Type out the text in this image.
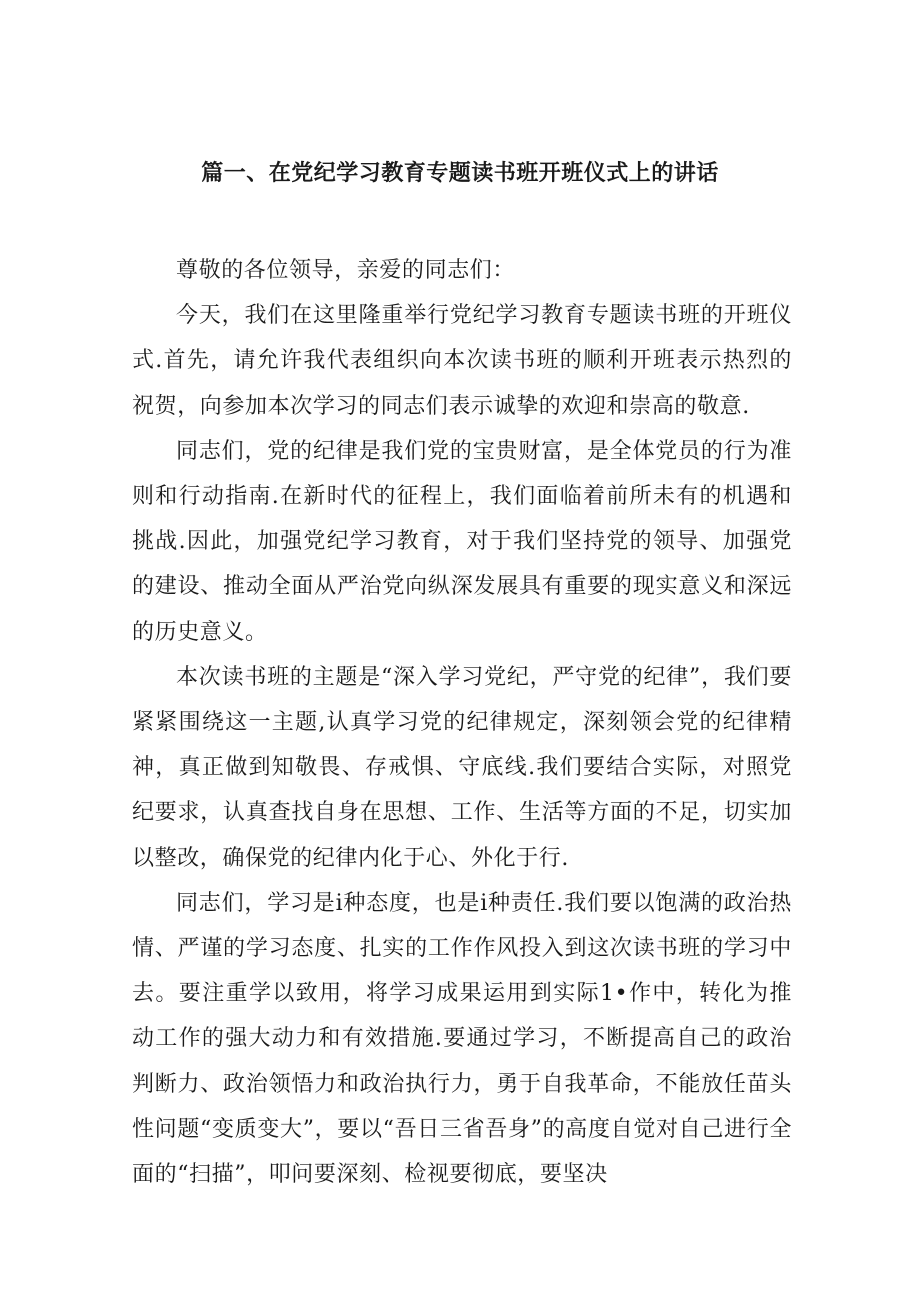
篇一、在党纪学习教育专题读书班开班仪式上的讲话

尊敬的各位领导，亲爱的同志们：

今天，我们在这里隆重举行党纪学习教育专题读书班的开班仪式.首先，请允许我代表组织向本次读书班的顺利开班表示热烈的祝贺，向参加本次学习的同志们表示诚挚的欢迎和崇高的敬意.

同志们，党的纪律是我们党的宝贵财富，是全体党员的行为准则和行动指南.在新时代的征程上，我们面临着前所未有的机遇和挑战.因此，加强党纪学习教育，对于我们坚持党的领导、加强党的建设、推动全面从严治党向纵深发展具有重要的现实意义和深远的历史意义。

本次读书班的主题是“深入学习党纪，严守党的纪律”，我们要紧紧围绕这一主题,认真学习党的纪律规定，深刻领会党的纪律精神，真正做到知敬畏、存戒惧、守底线.我们要结合实际，对照党纪要求，认真查找自身在思想、工作、生活等方面的不足，切实加以整改，确保党的纪律内化于心、外化于行.

同志们，学习是i种态度，也是i种责任.我们要以饱满的政治热情、严谨的学习态度、扎实的工作作风投入到这次读书班的学习中去。要注重学以致用，将学习成果运用到实际1•作中，转化为推动工作的强大动力和有效措施.要通过学习，不断提高自己的政治判断力、政治领悟力和政治执行力，勇于自我革命，不能放任苗头性问题“变质变大”，要以“吾日三省吾身”的高度自觉对自己进行全面的“扫描”，叩问要深刻、检视要彻底，要坚决
